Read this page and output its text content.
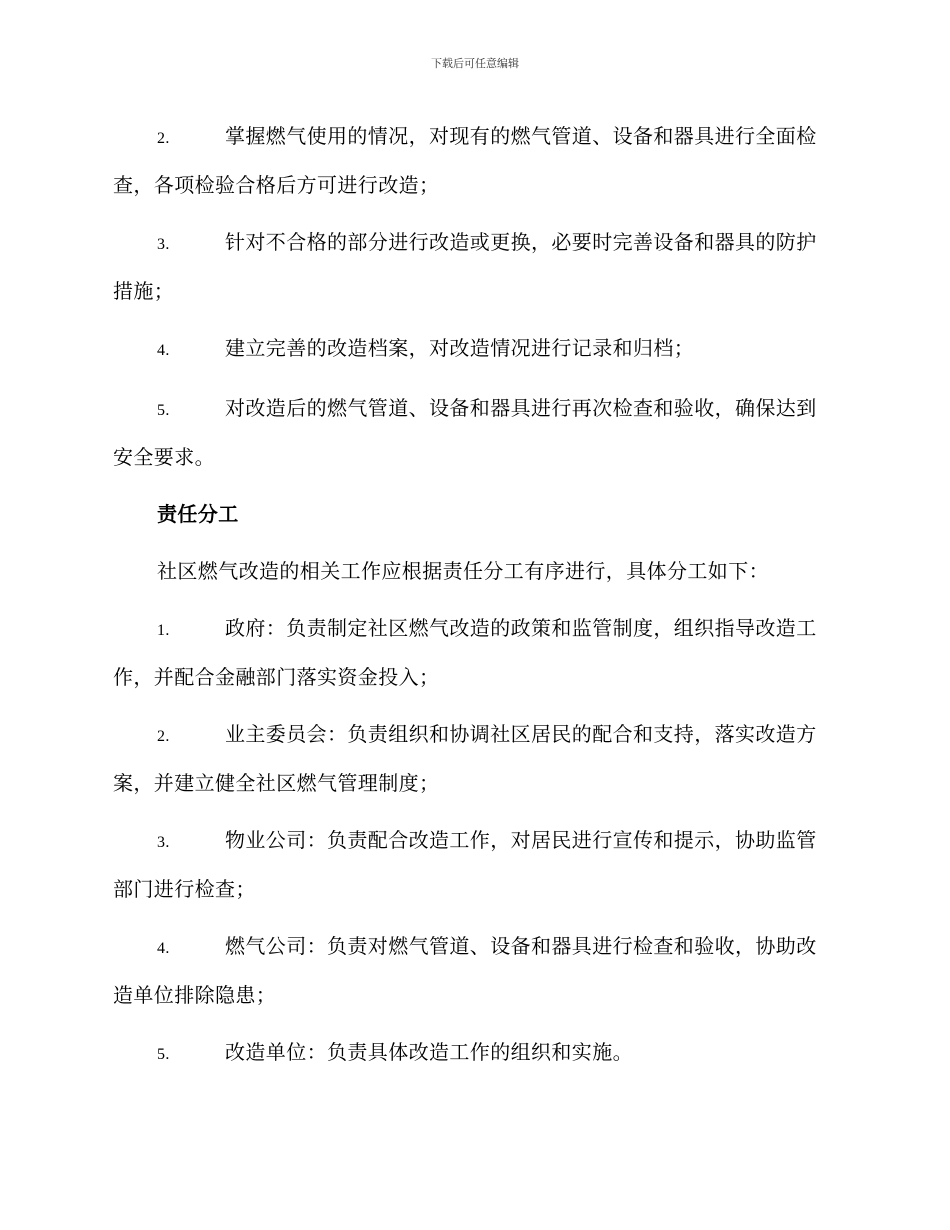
下载后可任意编辑
2.	掌握燃气使用的情况，对现有的燃气管道、设备和器具进行全面检查，各项检验合格后方可进行改造；
3.	针对不合格的部分进行改造或更换，必要时完善设备和器具的防护措施；
4.	建立完善的改造档案，对改造情况进行记录和归档；
5.	对改造后的燃气管道、设备和器具进行再次检查和验收，确保达到安全要求。
责任分工
社区燃气改造的相关工作应根据责任分工有序进行，具体分工如下：
1.	政府：负责制定社区燃气改造的政策和监管制度，组织指导改造工作，并配合金融部门落实资金投入；
2.	业主委员会：负责组织和协调社区居民的配合和支持，落实改造方案，并建立健全社区燃气管理制度；
3.	物业公司：负责配合改造工作，对居民进行宣传和提示，协助监管部门进行检查；
4.	燃气公司：负责对燃气管道、设备和器具进行检查和验收，协助改造单位排除隐患；
5.	改造单位：负责具体改造工作的组织和实施。
